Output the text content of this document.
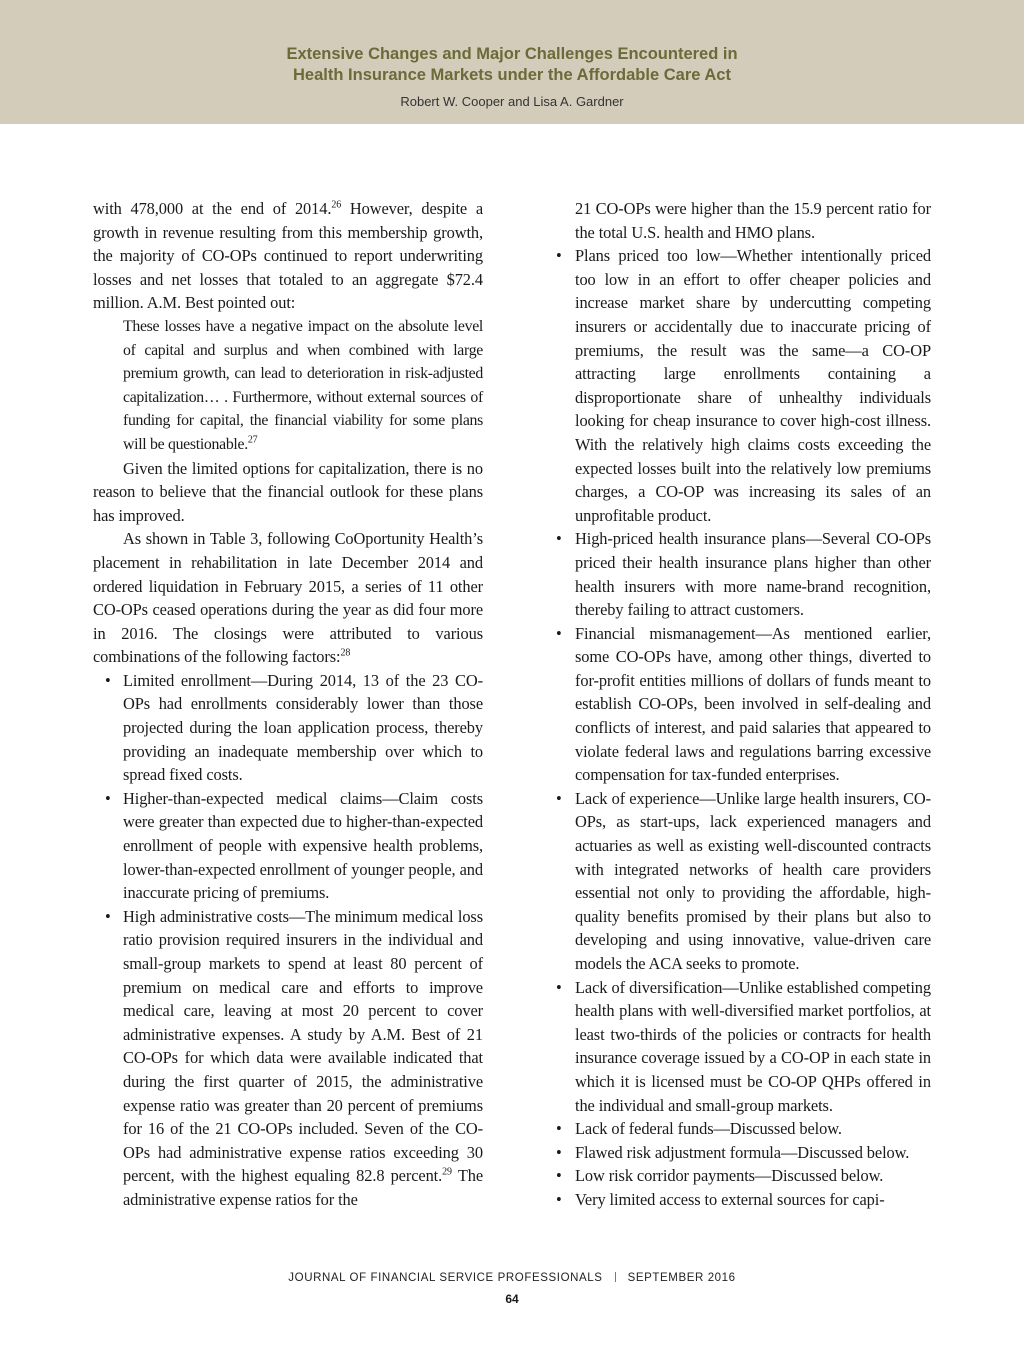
Extensive Changes and Major Challenges Encountered in
Health Insurance Markets under the Affordable Care Act
Robert W. Cooper and Lisa A. Gardner

with 478,000 at the end of 2014.26 However, despite a growth in revenue resulting from this membership growth, the majority of CO-OPs continued to report underwriting losses and net losses that totaled to an aggregate $72.4 million. A.M. Best pointed out:

These losses have a negative impact on the absolute level of capital and surplus and when combined with large premium growth, can lead to deterioration in risk-adjusted capitalization… . Furthermore, without external sources of funding for capital, the financial viability for some plans will be questionable.$^{27}$

Given the limited options for capitalization, there is no reason to believe that the financial outlook for these plans has improved.

As shown in Table 3, following CoOportunity Health’s placement in rehabilitation in late December 2014 and ordered liquidation in February 2015, a series of 11 other CO-OPs ceased operations during the year as did four more in 2016. The closings were attributed to various combinations of the following factors:$^{28}$

• Limited enrollment—During 2014, 13 of the 23 CO-OPs had enrollments considerably lower than those projected during the loan application process, thereby providing an inadequate membership over which to spread fixed costs.
• Higher-than-expected medical claims—Claim costs were greater than expected due to higher-than-expected enrollment of people with expensive health problems, lower-than-expected enrollment of younger people, and inaccurate pricing of premiums.
• High administrative costs—The minimum medical loss ratio provision required insurers in the individual and small-group markets to spend at least 80 percent of premium on medical care and efforts to improve medical care, leaving at most 20 percent to cover administrative expenses. A study by A.M. Best of 21 CO-OPs for which data were available indicated that during the first quarter of 2015, the administrative expense ratio was greater than 20 percent of premiums for 16 of the 21 CO-OPs included. Seven of the CO-OPs had administrative expense ratios exceeding 30 percent, with the highest equaling 82.8 percent.$^{29}$ The administrative expense ratios for the

21 CO-OPs were higher than the 15.9 percent ratio for the total U.S. health and HMO plans.

• Plans priced too low—Whether intentionally priced too low in an effort to offer cheaper policies and increase market share by undercutting competing insurers or accidentally due to inaccurate pricing of premiums, the result was the same—a CO-OP attracting large enrollments containing a disproportionate share of unhealthy individuals looking for cheap insurance to cover high-cost illness. With the relatively high claims costs exceeding the expected losses built into the relatively low premiums charges, a CO-OP was increasing its sales of an unprofitable product.
• High-priced health insurance plans—Several CO-OPs priced their health insurance plans higher than other health insurers with more name-brand recognition, thereby failing to attract customers.
• Financial mismanagement—As mentioned earlier, some CO-OPs have, among other things, diverted to for-profit entities millions of dollars of funds meant to establish CO-OPs, been involved in self-dealing and conflicts of interest, and paid salaries that appeared to violate federal laws and regulations barring excessive compensation for tax-funded enterprises.
• Lack of experience—Unlike large health insurers, CO-OPs, as start-ups, lack experienced managers and actuaries as well as existing well-discounted contracts with integrated networks of health care providers essential not only to providing the affordable, high-quality benefits promised by their plans but also to developing and using innovative, value-driven care models the ACA seeks to promote.
• Lack of diversification—Unlike established competing health plans with well-diversified market portfolios, at least two-thirds of the policies or contracts for health insurance coverage issued by a CO-OP in each state in which it is licensed must be CO-OP QHPs offered in the individual and small-group markets.
• Lack of federal funds—Discussed below.
• Flawed risk adjustment formula—Discussed below.
• Low risk corridor payments—Discussed below.
• Very limited access to external sources for capi-
JOURNAL OF FINANCIAL SERVICE PROFESSIONALS SEPTEMBER 2016
64
